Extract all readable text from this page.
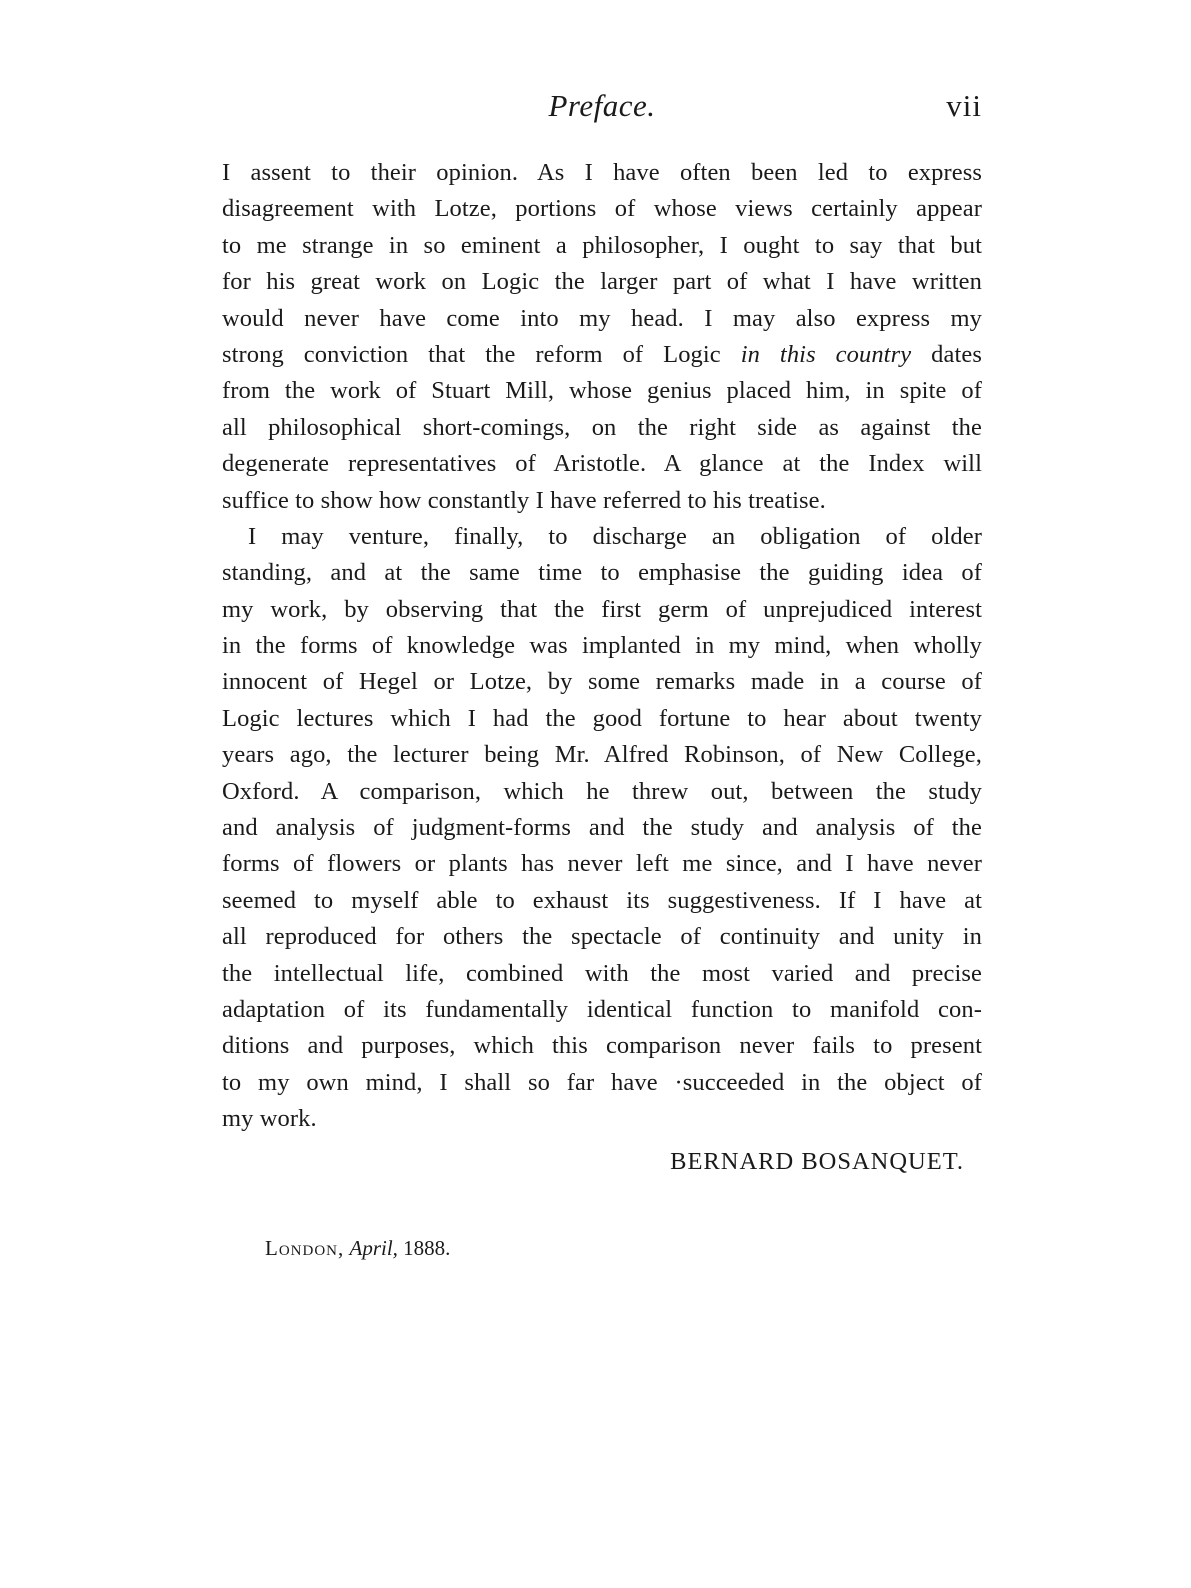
Preface.	vii
I assent to their opinion. As I have often been led to express
disagreement with Lotze, portions of whose views certainly appear
to me strange in so eminent a philosopher, I ought to say that but
for his great work on Logic the larger part of what I have written
would never have come into my head. I may also express my
strong conviction that the reform of Logic in this country dates
from the work of Stuart Mill, whose genius placed him, in spite of
all philosophical short-comings, on the right side as against the
degenerate representatives of Aristotle. A glance at the Index will
suffice to show how constantly I have referred to his treatise.
I may venture, finally, to discharge an obligation of older
standing, and at the same time to emphasise the guiding idea of
my work, by observing that the first germ of unprejudiced interest
in the forms of knowledge was implanted in my mind, when wholly
innocent of Hegel or Lotze, by some remarks made in a course of
Logic lectures which I had the good fortune to hear about twenty
years ago, the lecturer being Mr. Alfred Robinson, of New College,
Oxford. A comparison, which he threw out, between the study
and analysis of judgment-forms and the study and analysis of the
forms of flowers or plants has never left me since, and I have never
seemed to myself able to exhaust its suggestiveness. If I have at
all reproduced for others the spectacle of continuity and unity in
the intellectual life, combined with the most varied and precise
adaptation of its fundamentally identical function to manifold con-
ditions and purposes, which this comparison never fails to present
to my own mind, I shall so far have ·succeeded in the object of
my work.
BERNARD BOSANQUET.
London, April, 1888.
